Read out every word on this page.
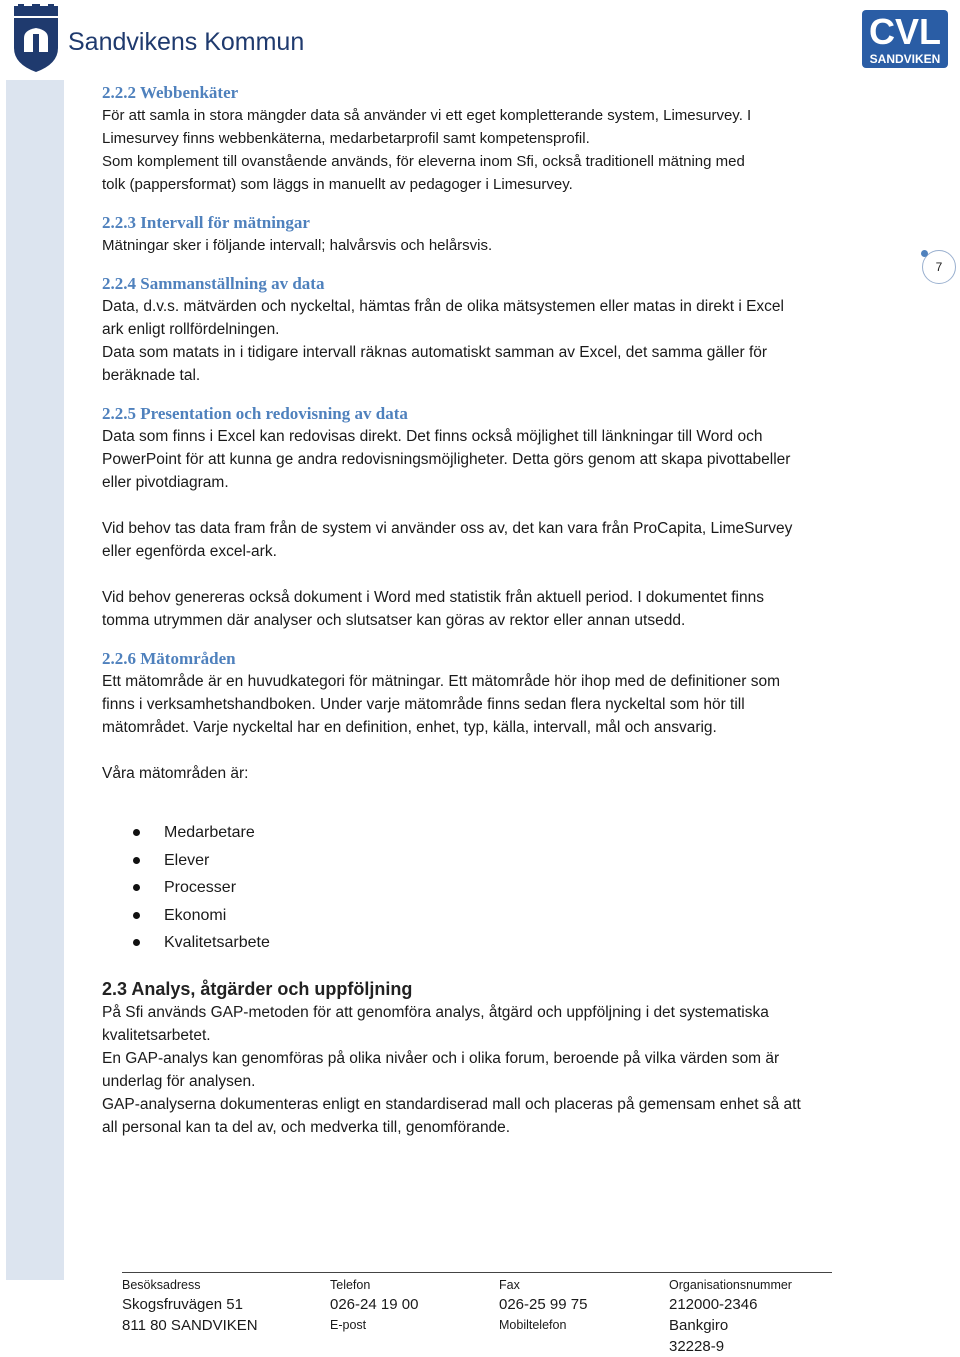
Sandvikens Kommun	CVL
SANDVIKEN
7
2.2.2 Webbenkäter

För att samla in stora mängder data så använder vi ett eget kompletterande system, Limesurvey. I

Limesurvey finns webbenkäterna, medarbetarprofil samt kompetensprofil.

Som komplement till ovanstående används, för eleverna inom Sfi, också traditionell mätning med

tolk (pappersformat) som läggs in manuellt av pedagoger i Limesurvey.

2.2.3 Intervall för mätningar

Mätningar sker i följande intervall; halvårsvis och helårsvis.

2.2.4 Sammanställning av data

Data, d.v.s. mätvärden och nyckeltal, hämtas från de olika mätsystemen eller matas in direkt i Excel

ark enligt rollfördelningen.

Data som matats in i tidigare intervall räknas automatiskt samman av Excel, det samma gäller för

beräknade tal.

2.2.5 Presentation och redovisning av data

Data som finns i Excel kan redovisas direkt. Det finns också möjlighet till länkningar till Word och

PowerPoint för att kunna ge andra redovisningsmöjligheter. Detta görs genom att skapa pivottabeller

eller pivotdiagram.

Vid behov tas data fram från de system vi använder oss av, det kan vara från ProCapita, LimeSurvey

eller egenförda excel-ark.

Vid behov genereras också dokument i Word med statistik från aktuell period. I dokumentet finns

tomma utrymmen där analyser och slutsatser kan göras av rektor eller annan utsedd.

2.2.6 Mätområden

Ett mätområde är en huvudkategori för mätningar. Ett mätområde hör ihop med de definitioner som

finns i verksamhetshandboken. Under varje mätområde finns sedan flera nyckeltal som hör till

mätområdet. Varje nyckeltal har en definition, enhet, typ, källa, intervall, mål och ansvarig.

Våra mätområden är:

Medarbetare
Elever
Processer
Ekonomi
Kvalitetsarbete
2.3 Analys, åtgärder och uppföljning

På Sfi används GAP-metoden för att genomföra analys, åtgärd och uppföljning i det systematiska

kvalitetsarbetet.

En GAP-analys kan genomföras på olika nivåer och i olika forum, beroende på vilka värden som är

underlag för analysen.

GAP-analyserna dokumenteras enligt en standardiserad mall och placeras på gemensam enhet så att

all personal kan ta del av, och medverka till, genomförande.

Besöksadress
Skogsfruvägen 51
811 80 SANDVIKEN
Telefon
026-24 19 00
E-post
Fax
026-25 99 75
Mobiltelefon
Organisationsnummer
212000-2346
Bankgiro
32228-9
